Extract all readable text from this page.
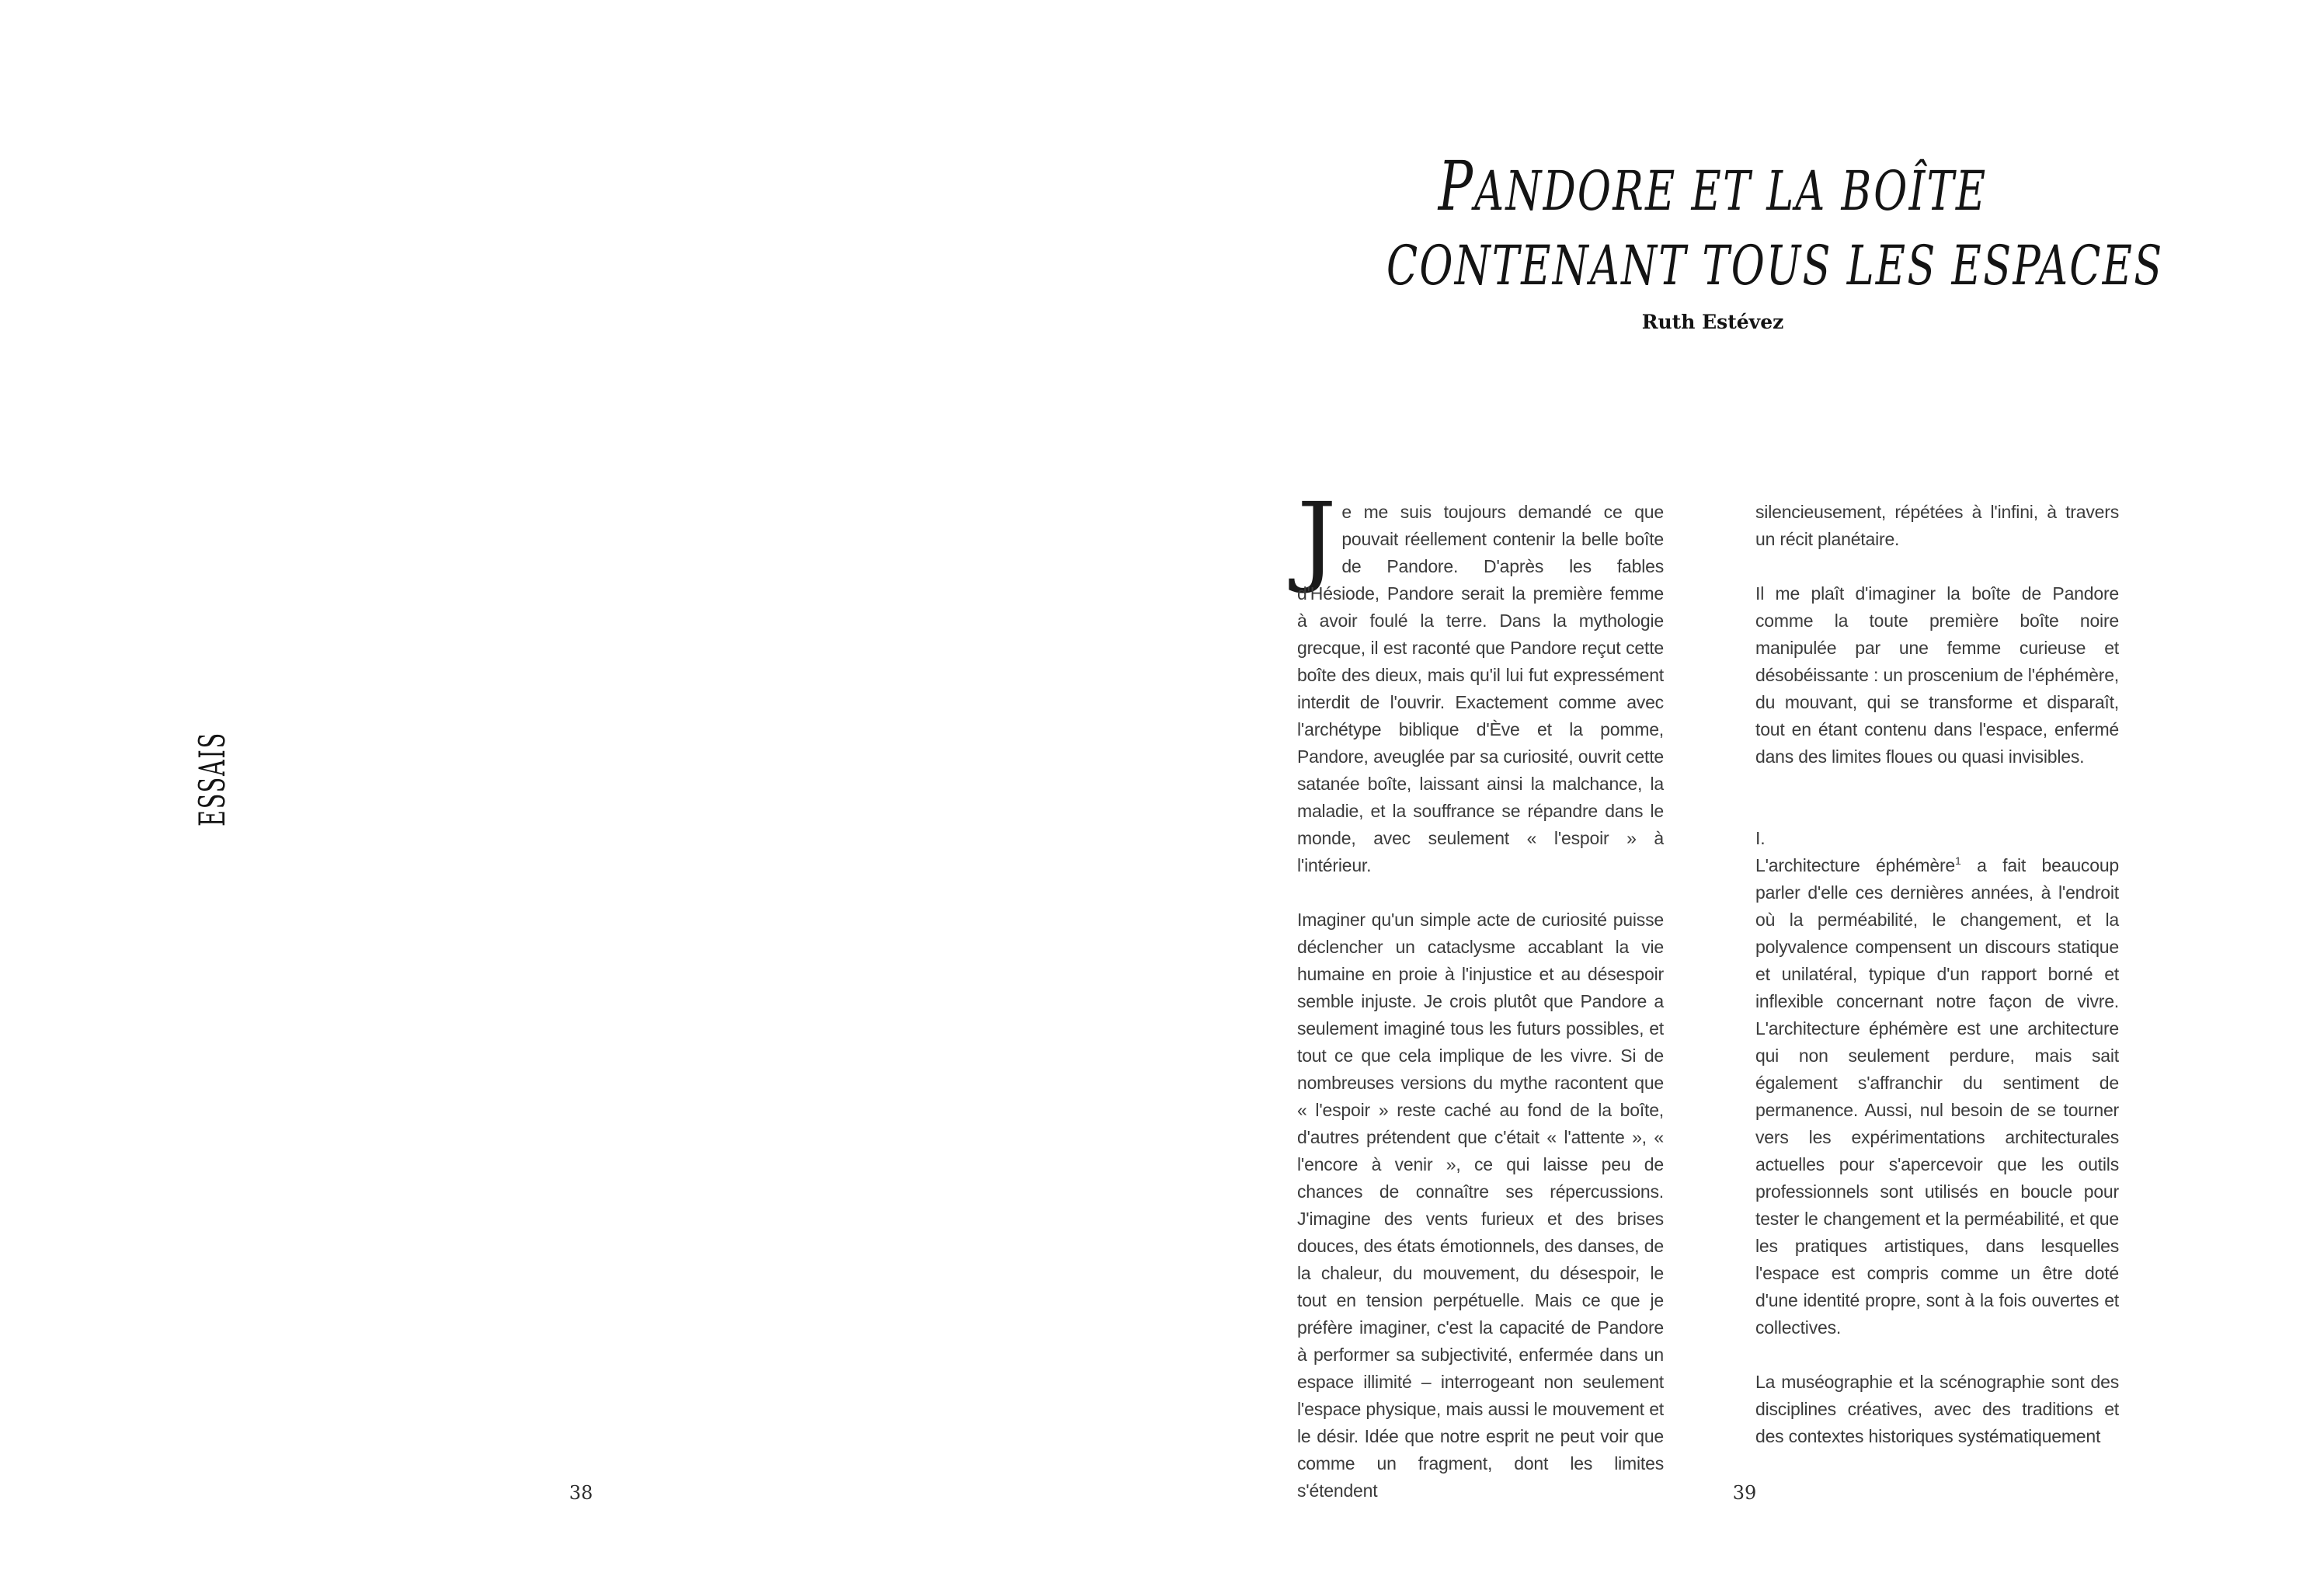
ESSAIS
38
PANDORE ET LA BOÎTE
CONTENANT TOUS LES ESPACES
Ruth Estévez

Je me suis toujours demandé ce que pouvait réellement contenir la belle boîte de Pandore. D'après les fables d'Hésiode, Pandore serait la première femme à avoir foulé la terre. Dans la mythologie grecque, il est raconté que Pandore reçut cette boîte des dieux, mais qu'il lui fut expressément interdit de l'ouvrir. Exactement comme avec l'archétype biblique d'Ève et la pomme, Pandore, aveuglée par sa curiosité, ouvrit cette satanée boîte, laissant ainsi la malchance, la maladie, et la souffrance se répandre dans le monde, avec seulement « l'espoir » à l'intérieur.

Imaginer qu'un simple acte de curiosité puisse déclencher un cataclysme accablant la vie humaine en proie à l'injustice et au désespoir semble injuste. Je crois plutôt que Pandore a seulement imaginé tous les futurs possibles, et tout ce que cela implique de les vivre. Si de nombreuses versions du mythe racontent que « l'espoir » reste caché au fond de la boîte, d'autres prétendent que c'était « l'attente », « l'encore à venir », ce qui laisse peu de chances de connaître ses répercussions. J'imagine des vents furieux et des brises douces, des états émotionnels, des danses, de la chaleur, du mouvement, du désespoir, le tout en tension perpétuelle. Mais ce que je préfère imaginer, c'est la capacité de Pandore à performer sa subjectivité, enfermée dans un espace illimité – interrogeant non seulement l'espace physique, mais aussi le mouvement et le désir. Idée que notre esprit ne peut voir que comme un fragment, dont les limites s'étendent

silencieusement, répétées à l'infini, à travers un récit planétaire.

Il me plaît d'imaginer la boîte de Pandore comme la toute première boîte noire manipulée par une femme curieuse et désobéissante : un proscenium de l'éphémère, du mouvant, qui se transforme et disparaît, tout en étant contenu dans l'espace, enfermé dans des limites floues ou quasi invisibles.

I.

L'architecture éphémère$^1$ a fait beaucoup parler d'elle ces dernières années, à l'endroit où la perméabilité, le changement, et la polyvalence compensent un discours statique et unilatéral, typique d'un rapport borné et inflexible concernant notre façon de vivre. L'architecture éphémère est une architecture qui non seulement perdure, mais sait également s'affranchir du sentiment de permanence. Aussi, nul besoin de se tourner vers les expérimentations architecturales actuelles pour s'apercevoir que les outils professionnels sont utilisés en boucle pour tester le changement et la perméabilité, et que les pratiques artistiques, dans lesquelles l'espace est compris comme un être doté d'une identité propre, sont à la fois ouvertes et collectives.

La muséographie et la scénographie sont des disciplines créatives, avec des traditions et des contextes historiques systématiquement

39
